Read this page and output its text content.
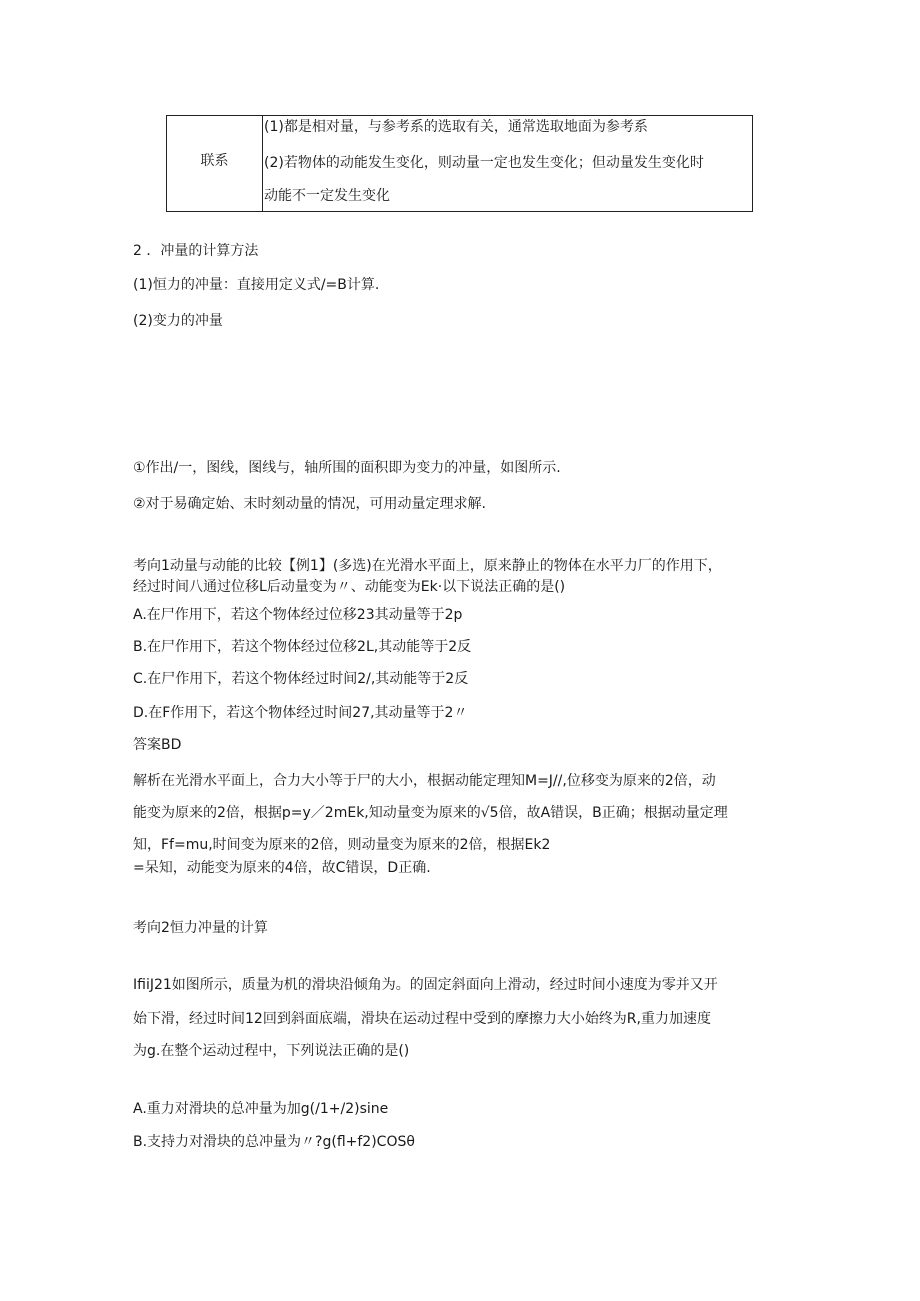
联系
(1)都是相对量，与参考系的选取有关，通常选取地面为参考系
(2)若物体的动能发生变化，则动量一定也发生变化；但动量发生变化时
动能不一定发生变化
2 ．冲量的计算方法
(1)恒力的冲量：直接用定义式/=B计算.
(2)变力的冲量
①作出/一，图线，图线与，轴所围的面积即为变力的冲量，如图所示.
②对于易确定始、末时刻动量的情况，可用动量定理求解.
考向1动量与动能的比较【例1】(多选)在光滑水平面上，原来静止的物体在水平力厂的作用下，
经过时间八通过位移L后动量变为〃、动能变为Ek·以下说法正确的是()
A.在尸作用下，若这个物体经过位移23其动量等于2p
B.在尸作用下，若这个物体经过位移2L,其动能等于2反
C.在尸作用下，若这个物体经过时间2/,其动能等于2反
D.在F作用下，若这个物体经过时间27,其动量等于2〃
答案BD
解析在光滑水平面上，合力大小等于尸的大小，根据动能定理知M=J//,位移变为原来的2倍，动
能变为原来的2倍，根据p=y／2mEk,知动量变为原来的√5倍，故A错误，B正确；根据动量定理
知，Ff=mu,时间变为原来的2倍，则动量变为原来的2倍，根据Ek2
=呆知，动能变为原来的4倍，故C错误，D正确.
考向2恒力冲量的计算
IfiiJ21如图所示，质量为机的滑块沿倾角为。的固定斜面向上滑动，经过时间小速度为零并又开
始下滑，经过时间12回到斜面底端，滑块在运动过程中受到的摩擦力大小始终为R,重力加速度
为g.在整个运动过程中，下列说法正确的是()
A.重力对滑块的总冲量为加g(/1+/2)sine
B.支持力对滑块的总冲量为〃?g(fl+f2)COSθ
